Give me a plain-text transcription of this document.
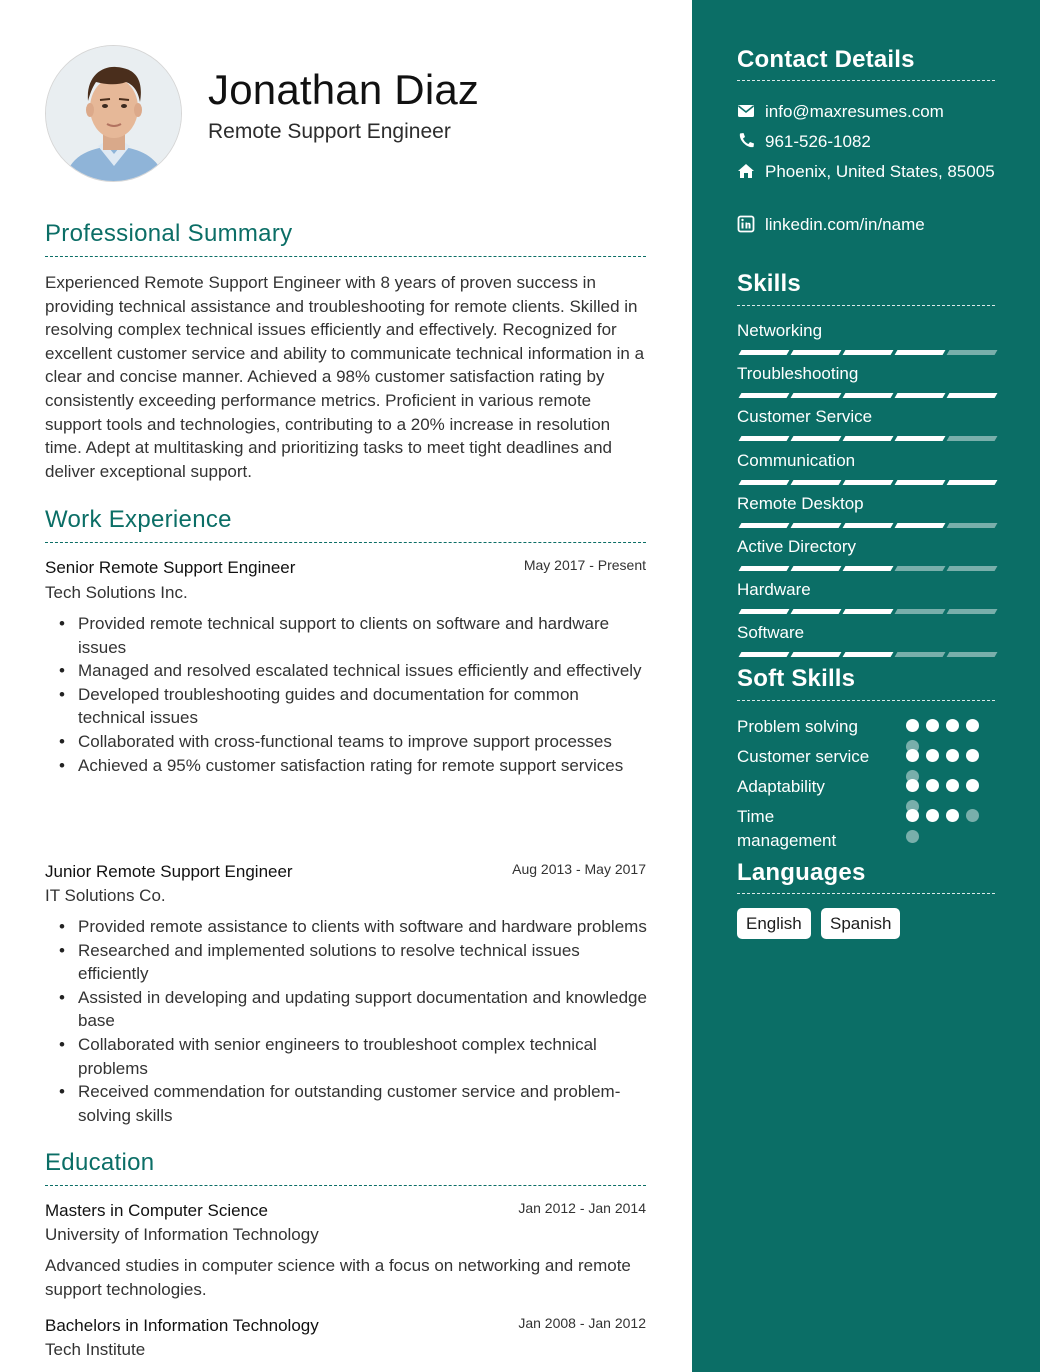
Jonathan Diaz
Remote Support Engineer
Professional Summary
Experienced Remote Support Engineer with 8 years of proven success in providing technical assistance and troubleshooting for remote clients. Skilled in resolving complex technical issues efficiently and effectively. Recognized for excellent customer service and ability to communicate technical information in a clear and concise manner. Achieved a 98% customer satisfaction rating by consistently exceeding performance metrics. Proficient in various remote support tools and technologies, contributing to a 20% increase in resolution time. Adept at multitasking and prioritizing tasks to meet tight deadlines and deliver exceptional support.
Work Experience
Senior Remote Support Engineer	May 2017 - Present
Tech Solutions Inc.
• Provided remote technical support to clients on software and hardware issues
• Managed and resolved escalated technical issues efficiently and effectively
• Developed troubleshooting guides and documentation for common technical issues
• Collaborated with cross-functional teams to improve support processes
• Achieved a 95% customer satisfaction rating for remote support services
Junior Remote Support Engineer	Aug 2013 - May 2017
IT Solutions Co.
• Provided remote assistance to clients with software and hardware problems
• Researched and implemented solutions to resolve technical issues efficiently
• Assisted in developing and updating support documentation and knowledge base
• Collaborated with senior engineers to troubleshoot complex technical problems
• Received commendation for outstanding customer service and problem-solving skills
Education
Masters in Computer Science	Jan 2012 - Jan 2014
University of Information Technology
Advanced studies in computer science with a focus on networking and remote support technologies.
Bachelors in Information Technology	Jan 2008 - Jan 2012
Tech Institute
Contact Details
info@maxresumes.com
961-526-1082
Phoenix, United States, 85005
linkedin.com/in/name
Skills
Networking
Troubleshooting
Customer Service
Communication
Remote Desktop
Active Directory
Hardware
Software
Soft Skills
Problem solving
Customer service
Adaptability
Time management
Languages
English	Spanish
